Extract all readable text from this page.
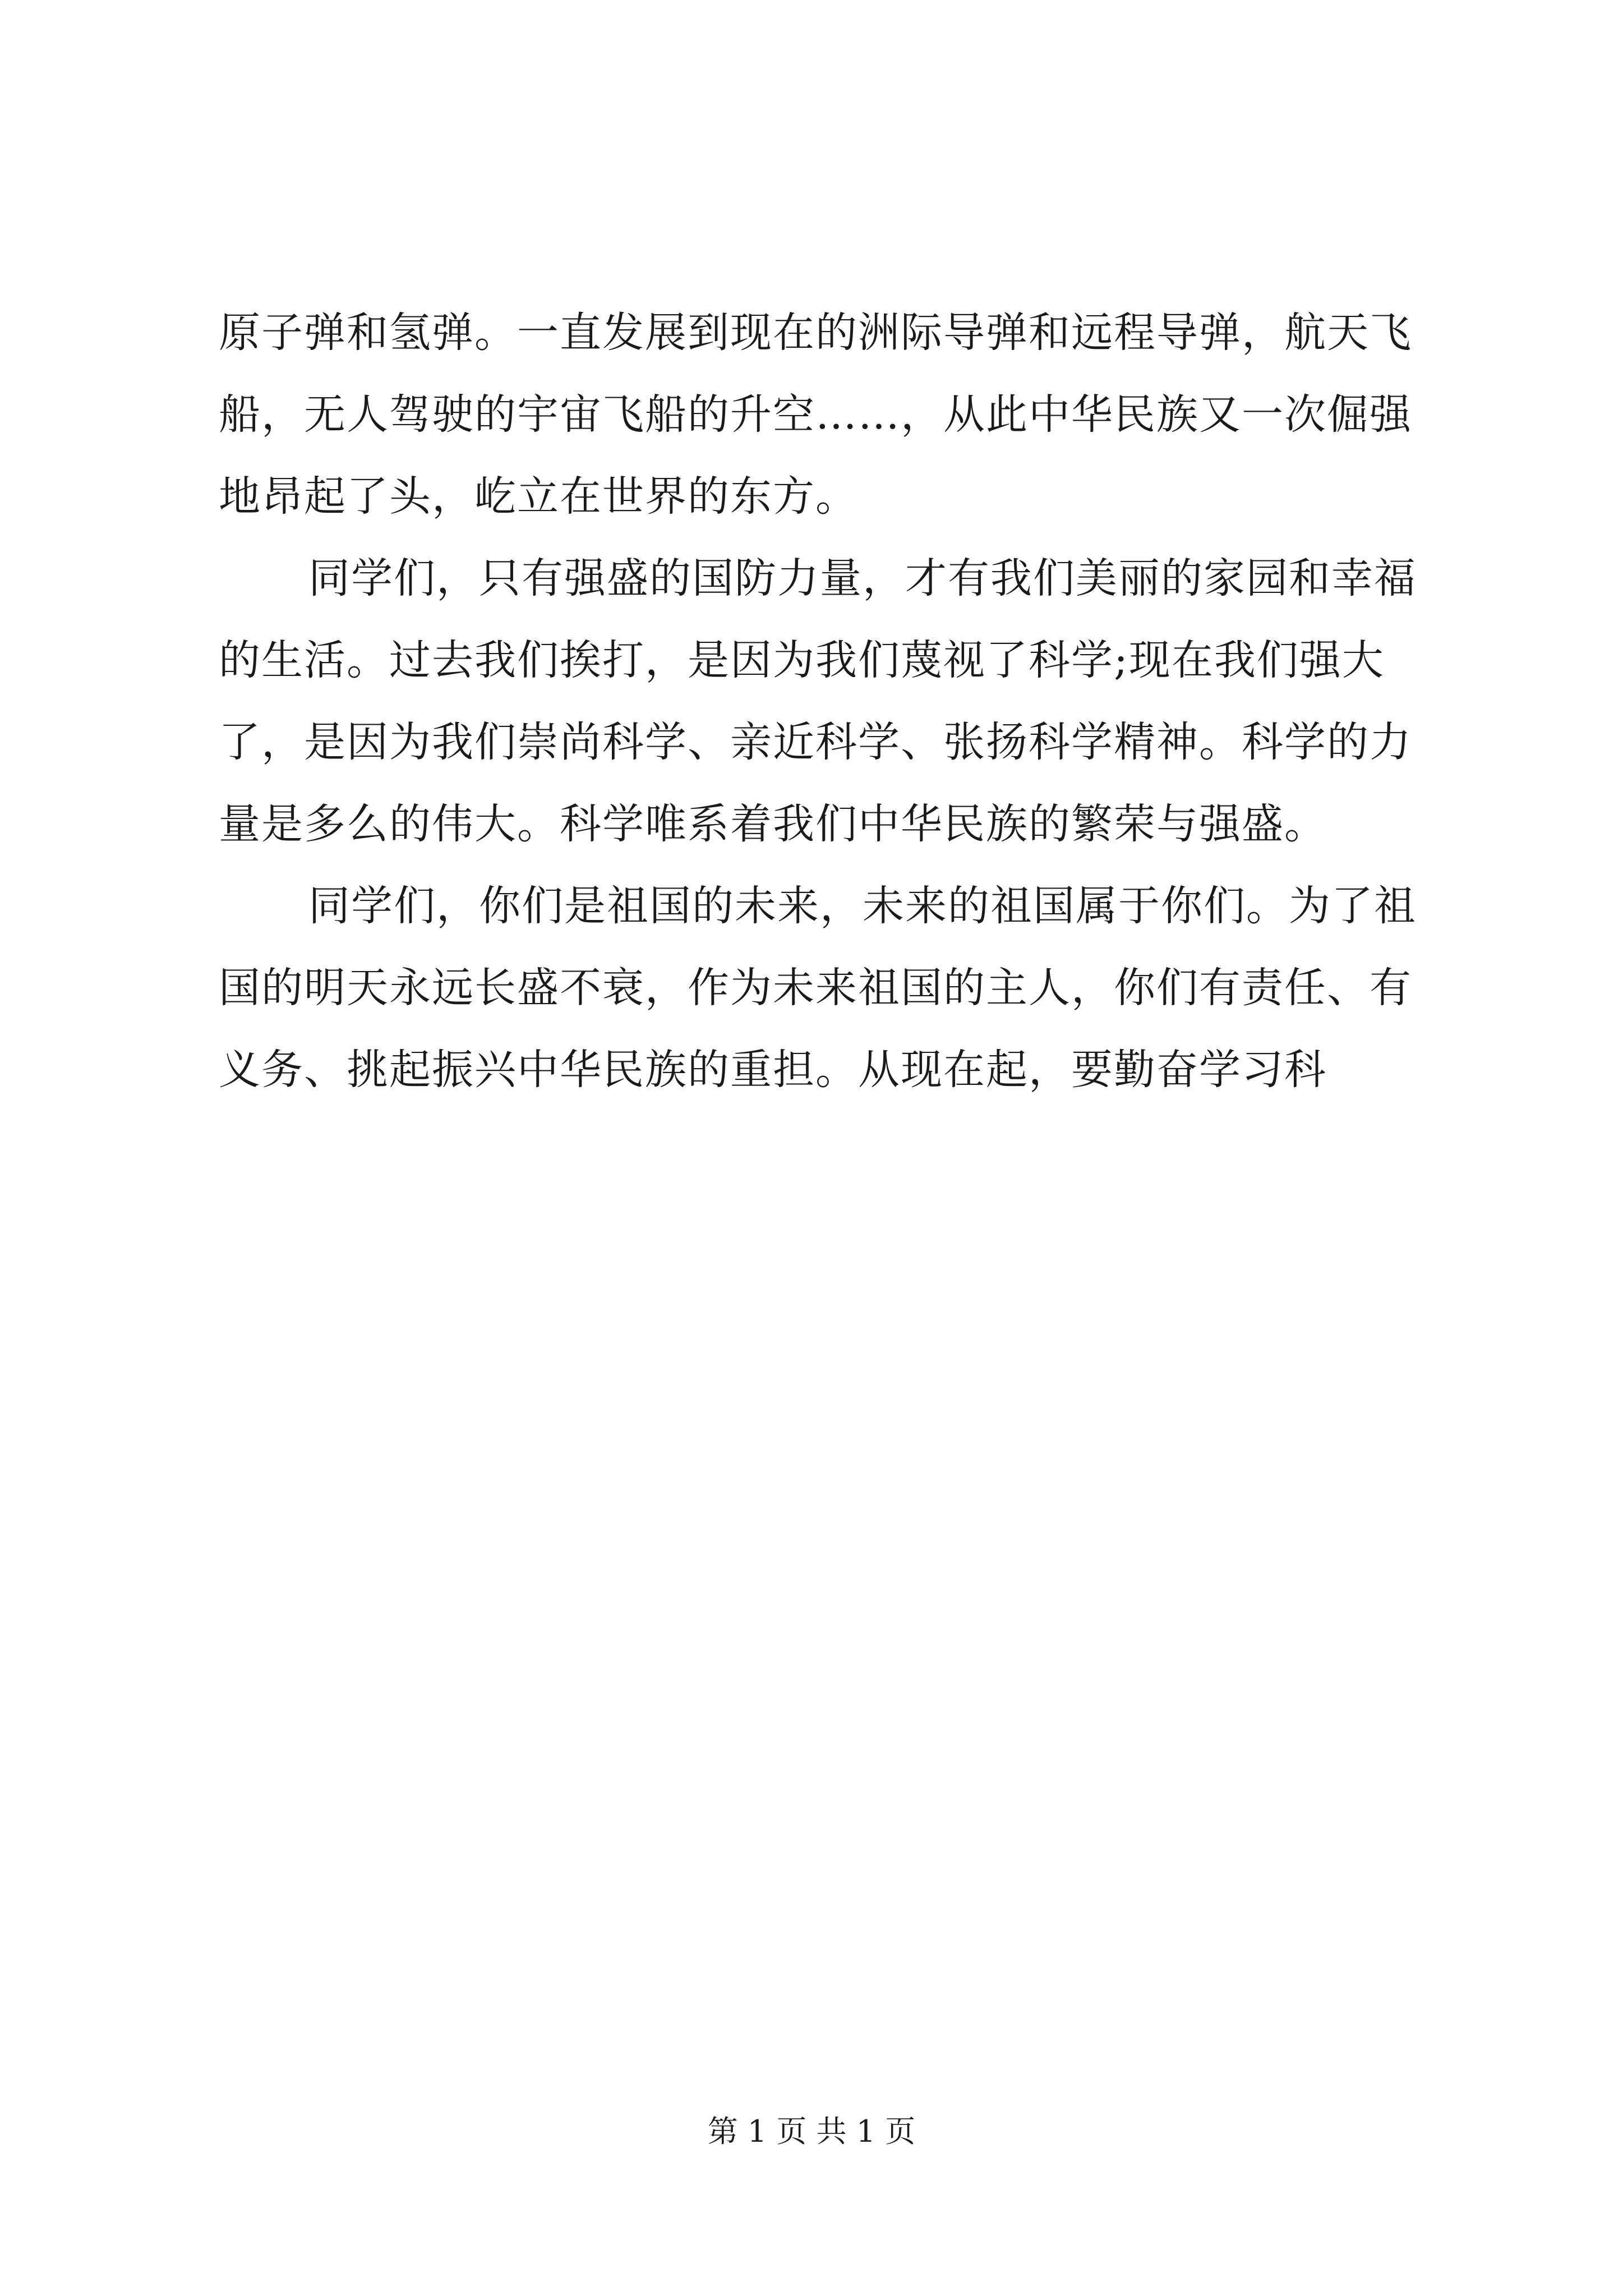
原子弹和氢弹。一直发展到现在的洲际导弹和远程导弹，航天飞
船，无人驾驶的宇宙飞船的升空……，从此中华民族又一次倔强
地昂起了头，屹立在世界的东方。
同学们，只有强盛的国防力量，才有我们美丽的家园和幸福
的生活。过去我们挨打，是因为我们蔑视了科学;现在我们强大
了，是因为我们崇尚科学、亲近科学、张扬科学精神。科学的力
量是多么的伟大。科学唯系着我们中华民族的繁荣与强盛。
同学们，你们是祖国的未来，未来的祖国属于你们。为了祖
国的明天永远长盛不衰，作为未来祖国的主人，你们有责任、有
义务、挑起振兴中华民族的重担。从现在起，要勤奋学习科
第 1 页 共 1 页
